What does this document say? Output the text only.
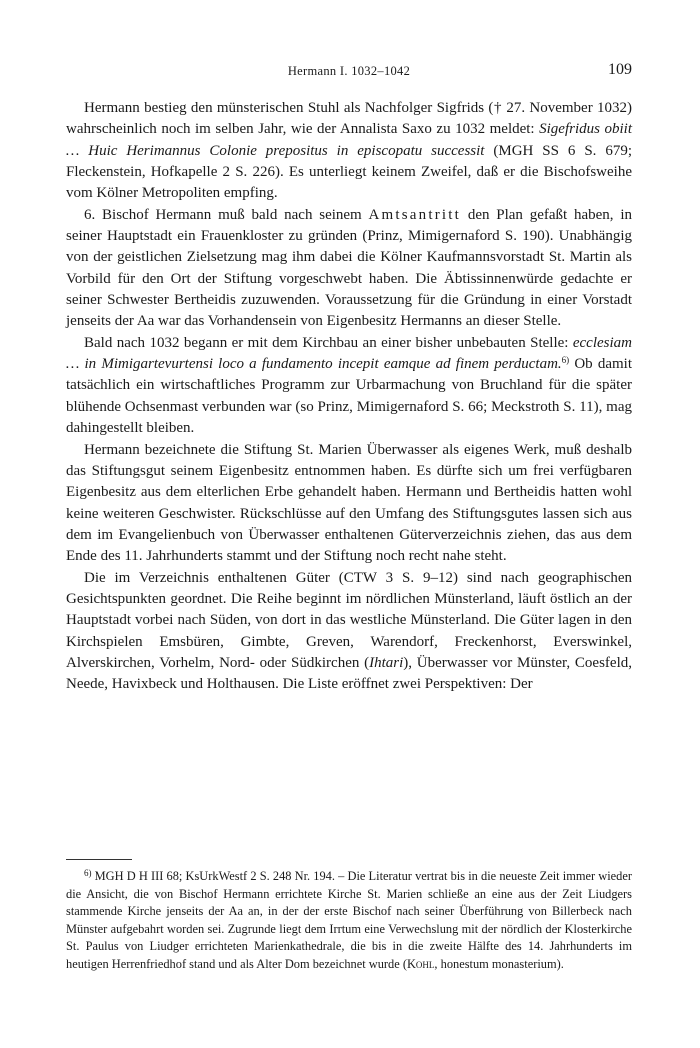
Hermann I. 1032–1042	109

Hermann bestieg den münsterischen Stuhl als Nachfolger Sigfrids († 27. November 1032) wahrscheinlich noch im selben Jahr, wie der Annalista Saxo zu 1032 meldet: Sigefridus obiit … Huic Herimannus Colonie prepositus in episcopatu successit (MGH SS 6 S. 679; Fleckenstein, Hofkapelle 2 S. 226). Es unterliegt keinem Zweifel, daß er die Bischofsweihe vom Kölner Metropoliten empfing.

6. Bischof Hermann muß bald nach seinem Amtsantritt den Plan gefaßt haben, in seiner Hauptstadt ein Frauenkloster zu gründen (Prinz, Mimigernaford S. 190). Unabhängig von der geistlichen Zielsetzung mag ihm dabei die Kölner Kaufmannsvorstadt St. Martin als Vorbild für den Ort der Stiftung vorgeschwebt haben. Die Äbtissinnenwürde gedachte er seiner Schwester Bertheidis zuzuwenden. Voraussetzung für die Gründung in einer Vorstadt jenseits der Aa war das Vorhandensein von Eigenbesitz Hermanns an dieser Stelle.

Bald nach 1032 begann er mit dem Kirchbau an einer bisher unbebauten Stelle: ecclesiam … in Mimigartevurtensi loco a fundamento incepit eamque ad finem perductam.$^{6)}$ Ob damit tatsächlich ein wirtschaftliches Programm zur Urbarmachung von Bruchland für die später blühende Ochsenmast verbunden war (so Prinz, Mimigernaford S. 66; Meckstroth S. 11), mag dahingestellt bleiben.

Hermann bezeichnete die Stiftung St. Marien Überwasser als eigenes Werk, muß deshalb das Stiftungsgut seinem Eigenbesitz entnommen haben. Es dürfte sich um frei verfügbaren Eigenbesitz aus dem elterlichen Erbe gehandelt haben. Hermann und Bertheidis hatten wohl keine weiteren Geschwister. Rückschlüsse auf den Umfang des Stiftungsgutes lassen sich aus dem im Evangelienbuch von Überwasser enthaltenen Güterverzeichnis ziehen, das aus dem Ende des 11. Jahrhunderts stammt und der Stiftung noch recht nahe steht.

Die im Verzeichnis enthaltenen Güter (CTW 3 S. 9–12) sind nach geographischen Gesichtspunkten geordnet. Die Reihe beginnt im nördlichen Münsterland, läuft östlich an der Hauptstadt vorbei nach Süden, von dort in das westliche Münsterland. Die Güter lagen in den Kirchspielen Emsbüren, Gimbte, Greven, Warendorf, Freckenhorst, Everswinkel, Alverskirchen, Vorhelm, Nord- oder Südkirchen (Ihtari), Überwasser vor Münster, Coesfeld, Neede, Havixbeck und Holthausen. Die Liste eröffnet zwei Perspektiven: Der

$^{6)}$ MGH D H III 68; KsUrkWestf 2 S. 248 Nr. 194. – Die Literatur vertrat bis in die neueste Zeit immer wieder die Ansicht, die von Bischof Hermann errichtete Kirche St. Marien schließe an eine aus der Zeit Liudgers stammende Kirche jenseits der Aa an, in der der erste Bischof nach seiner Überführung von Billerbeck nach Münster aufgebahrt worden sei. Zugrunde liegt dem Irrtum eine Verwechslung mit der nördlich der Klosterkirche St. Paulus von Liudger errichteten Marienkathedrale, die bis in die zweite Hälfte des 14. Jahrhunderts im heutigen Herrenfriedhof stand und als Alter Dom bezeichnet wurde (Kohl, honestum monasterium).
